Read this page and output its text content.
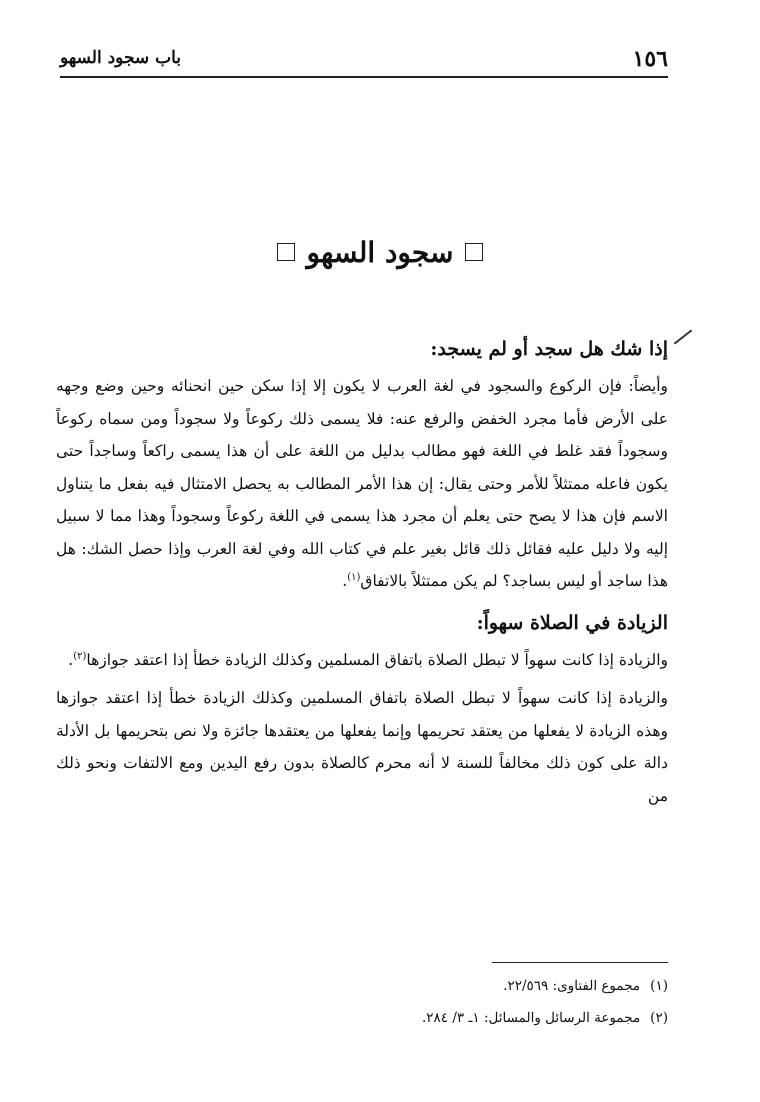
١٥٦
باب سجود السهو
سجود السهو
إذا شك هل سجد أو لم يسجد:

وأيضاً: فإن الركوع والسجود في لغة العرب لا يكون إلا إذا سكن حين انحنائه وحين وضع وجهه على الأرض فأما مجرد الخفض والرفع عنه: فلا يسمى ذلك ركوعاً ولا سجوداً ومن سماه ركوعاً وسجوداً فقد غلط في اللغة فهو مطالب بدليل من اللغة على أن هذا يسمى راكعاً وساجداً حتى يكون فاعله ممتثلاً للأمر وحتى يقال: إن هذا الأمر المطالب به يحصل الامتثال فيه بفعل ما يتناول الاسم فإن هذا لا يصح حتى يعلم أن مجرد هذا يسمى في اللغة ركوعاً وسجوداً وهذا مما لا سبيل إليه ولا دليل عليه فقائل ذلك قائل بغير علم في كتاب الله وفي لغة العرب وإذا حصل الشك: هل هذا ساجد أو ليس بساجد؟ لم يكن ممتثلاً بالاتفاق$^{(١)}$.

الزيادة في الصلاة سهواً:

والزيادة إذا كانت سهواً لا تبطل الصلاة باتفاق المسلمين وكذلك الزيادة خطأ إذا اعتقد جوازها$^{(٢)}$.

والزيادة إذا كانت سهواً لا تبطل الصلاة باتفاق المسلمين وكذلك الزيادة خطأ إذا اعتقد جوازها وهذه الزيادة لا يفعلها من يعتقد تحريمها وإنما يفعلها من يعتقدها جائزة ولا نص بتحريمها بل الأدلة دالة على كون ذلك مخالفاً للسنة لا أنه محرم كالصلاة بدون رفع اليدين ومع الالتفات ونحو ذلك من

(١)مجموع الفتاوى: ٢٢/٥٦٩.
(٢)مجموعة الرسائل والمسائل: ١ـ ٣/ ٢٨٤.
